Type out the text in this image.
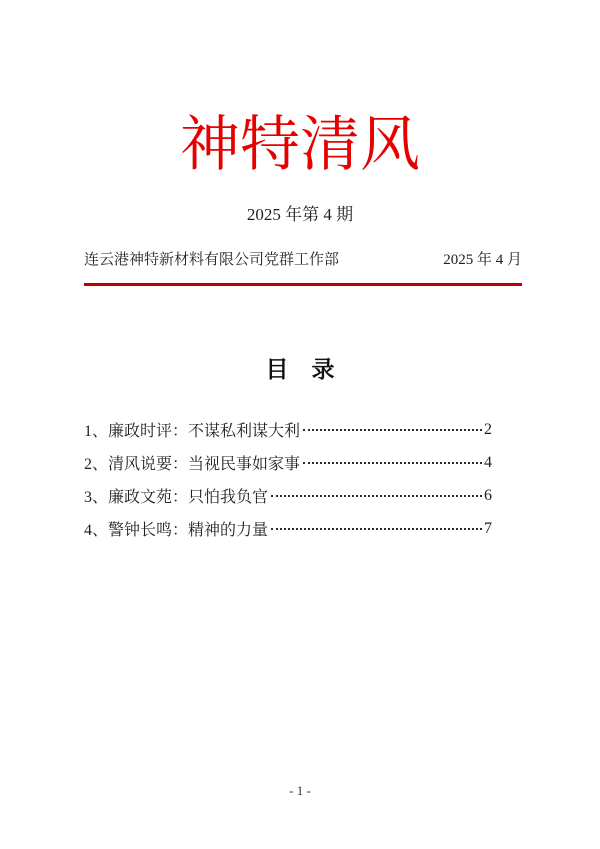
神特清风
2025 年第 4 期
连云港神特新材料有限公司党群工作部	2025 年 4 月
目　录
1、廉政时评：不谋私利谋大利	2
2、清风说要：当视民事如家事	4
3、廉政文苑：只怕我负官	6
4、警钟长鸣：精神的力量	7
- 1 -
